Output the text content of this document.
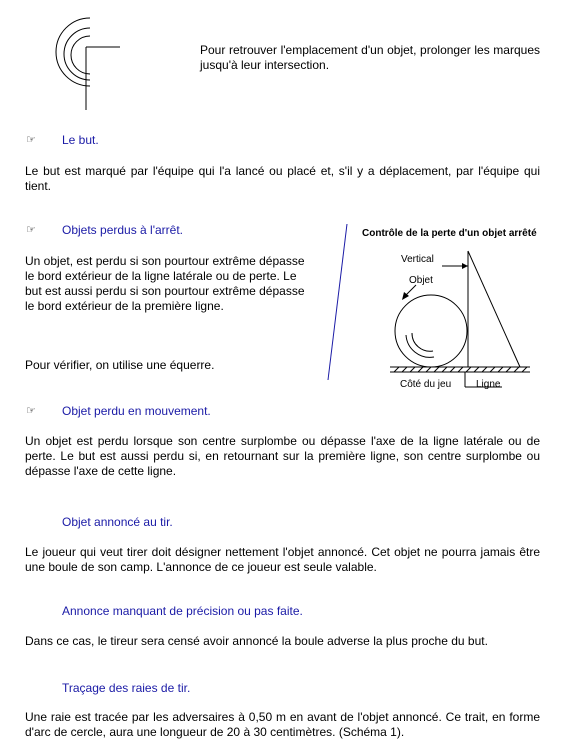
Pour retrouver l'emplacement d'un objet, prolonger les marques jusqu'à leur intersection.
☞ Le but.
Le but est marqué par l'équipe qui l'a lancé ou placé et, s'il y a déplacement, par l'équipe qui tient.
☞ Objets perdus à l'arrêt.
Un objet, est perdu si son pourtour extrême dépasse le bord extérieur de la ligne latérale ou de perte. Le but est aussi perdu si son pourtour extrême dépasse le bord extérieur de la première ligne.
Pour vérifier, on utilise une équerre.
Contrôle de la perte d'un objet arrêté
Vertical
Objet
Côté du jeu Ligne
☞ Objet perdu en mouvement.
Un objet est perdu lorsque son centre surplombe ou dépasse l'axe de la ligne latérale ou de perte. Le but est aussi perdu si, en retournant sur la première ligne, son centre surplombe ou dépasse l'axe de cette ligne.
Objet annoncé au tir.
Le joueur qui veut tirer doit désigner nettement l'objet annoncé. Cet objet ne pourra jamais être une boule de son camp. L'annonce de ce joueur est seule valable.
Annonce manquant de précision ou pas faite.
Dans ce cas, le tireur sera censé avoir annoncé la boule adverse la plus proche du but.
Traçage des raies de tir.
Une raie est tracée par les adversaires à 0,50 m en avant de l'objet annoncé. Ce trait, en forme d'arc de cercle, aura une longueur de 20 à 30 centimètres. (Schéma 1).
